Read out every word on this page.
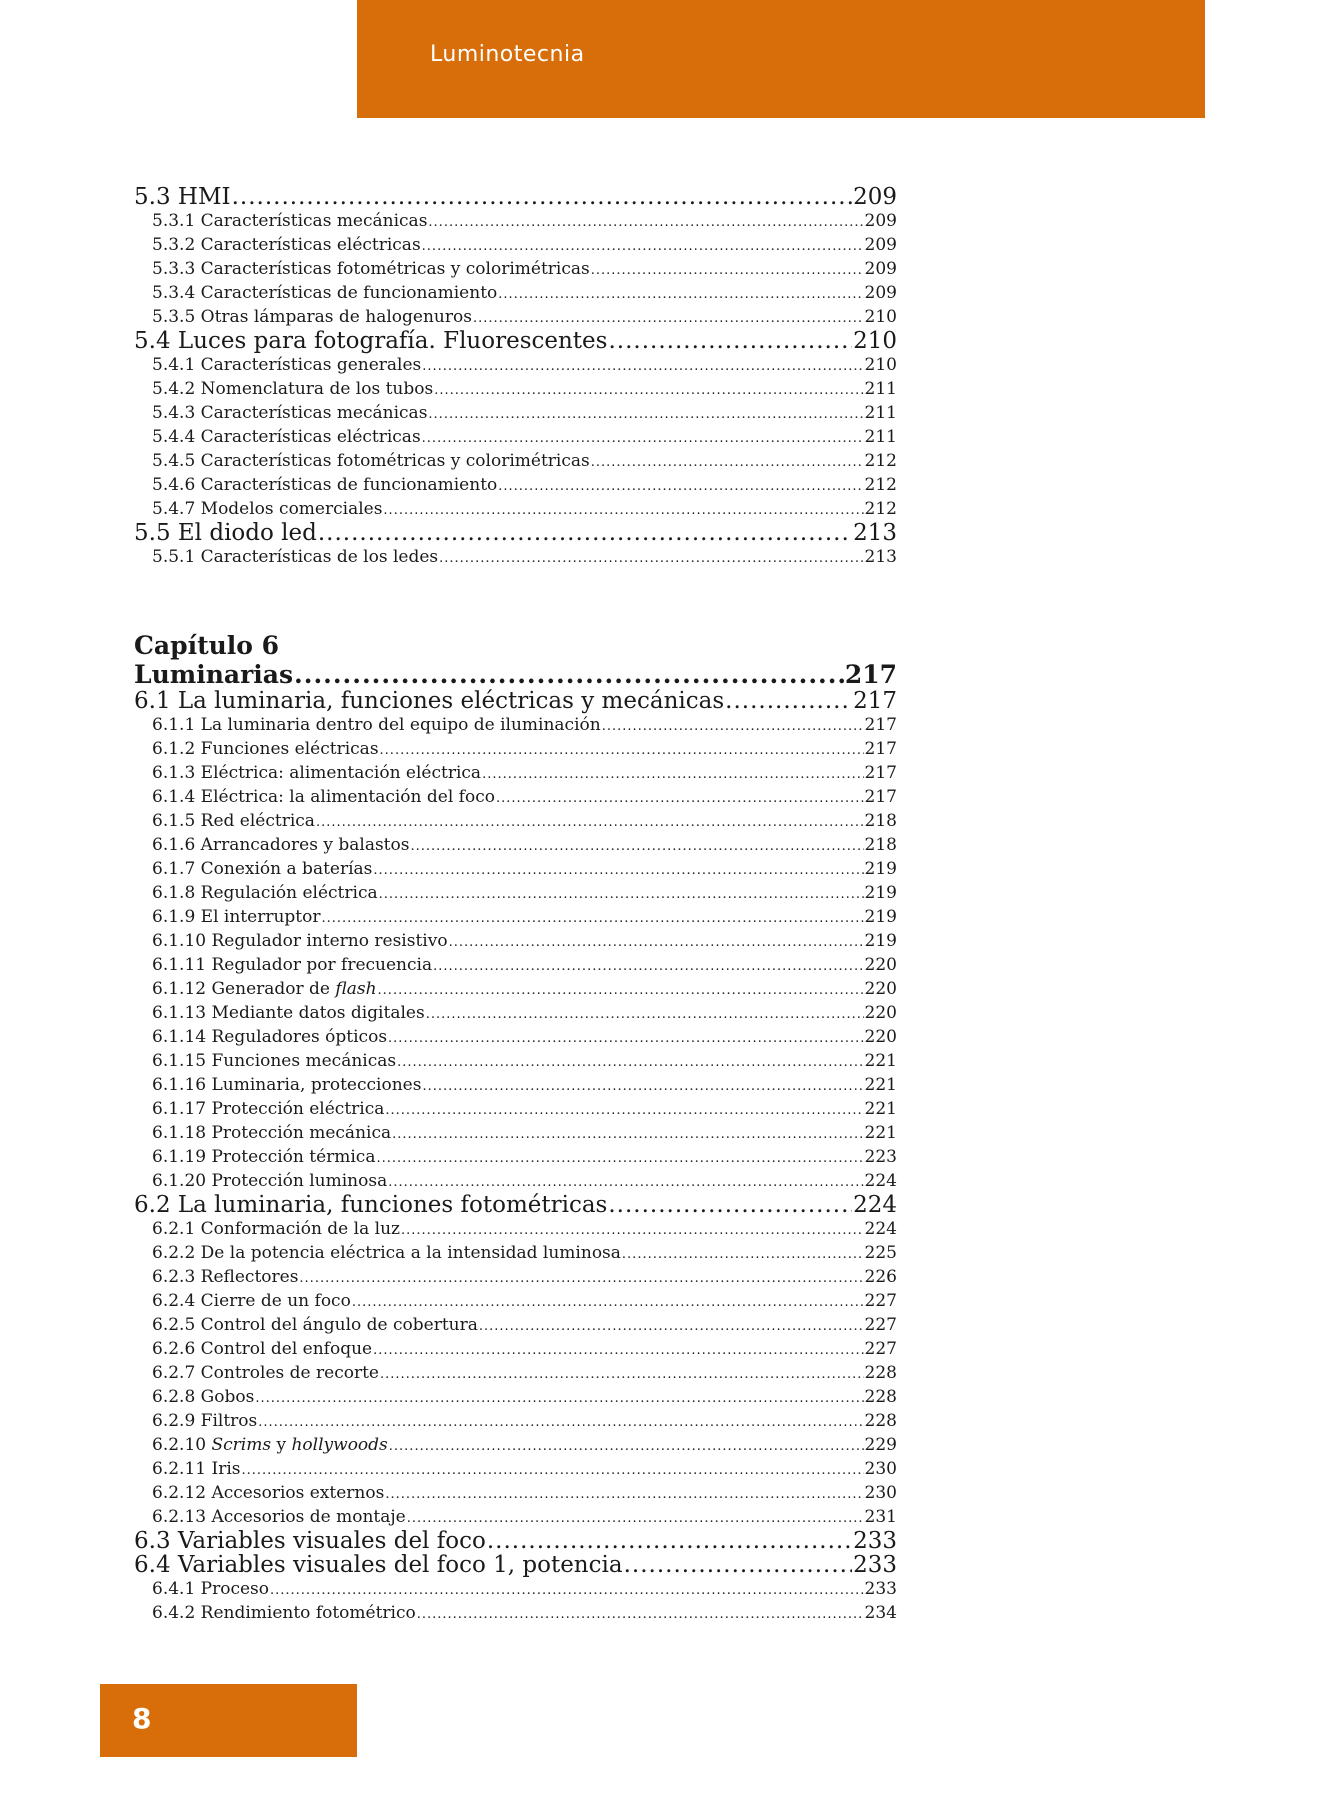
Luminotecnia
5.3 HMI .....	209
5.3.1 Características mecánicas .....	209
5.3.2 Características eléctricas .....	209
5.3.3 Características fotométricas y colorimétricas .....	209
5.3.4 Características de funcionamiento .....	209
5.3.5 Otras lámparas de halogenuros .....	210
5.4 Luces para fotografía. Fluorescentes .....	210
5.4.1 Características generales .....	210
5.4.2 Nomenclatura de los tubos .....	211
5.4.3 Características mecánicas .....	211
5.4.4 Características eléctricas .....	211
5.4.5 Características fotométricas y colorimétricas .....	212
5.4.6 Características de funcionamiento .....	212
5.4.7 Modelos comerciales .....	212
5.5 El diodo led .....	213
5.5.1 Características de los ledes .....	213
Capítulo 6
Luminarias .....	217
6.1 La luminaria, funciones eléctricas y mecánicas .....	217
6.1.1 La luminaria dentro del equipo de iluminación .....	217
6.1.2 Funciones eléctricas .....	217
6.1.3 Eléctrica: alimentación eléctrica .....	217
6.1.4 Eléctrica: la alimentación del foco .....	217
6.1.5 Red eléctrica .....	218
6.1.6 Arrancadores y balastos .....	218
6.1.7 Conexión a baterías .....	219
6.1.8 Regulación eléctrica .....	219
6.1.9 El interruptor .....	219
6.1.10 Regulador interno resistivo .....	219
6.1.11 Regulador por frecuencia .....	220
6.1.12 Generador de flash .....	220
6.1.13 Mediante datos digitales .....	220
6.1.14 Reguladores ópticos .....	220
6.1.15 Funciones mecánicas .....	221
6.1.16 Luminaria, protecciones .....	221
6.1.17 Protección eléctrica .....	221
6.1.18 Protección mecánica .....	221
6.1.19 Protección térmica .....	223
6.1.20 Protección luminosa .....	224
6.2 La luminaria, funciones fotométricas .....	224
6.2.1 Conformación de la luz .....	224
6.2.2 De la potencia eléctrica a la intensidad luminosa .....	225
6.2.3 Reflectores .....	226
6.2.4 Cierre de un foco .....	227
6.2.5 Control del ángulo de cobertura .....	227
6.2.6 Control del enfoque .....	227
6.2.7 Controles de recorte .....	228
6.2.8 Gobos .....	228
6.2.9 Filtros .....	228
6.2.10 Scrims y hollywoods .....	229
6.2.11 Iris .....	230
6.2.12 Accesorios externos .....	230
6.2.13 Accesorios de montaje .....	231
6.3 Variables visuales del foco .....	233
6.4 Variables visuales del foco 1, potencia .....	233
6.4.1 Proceso .....	233
6.4.2 Rendimiento fotométrico .....	234
8
